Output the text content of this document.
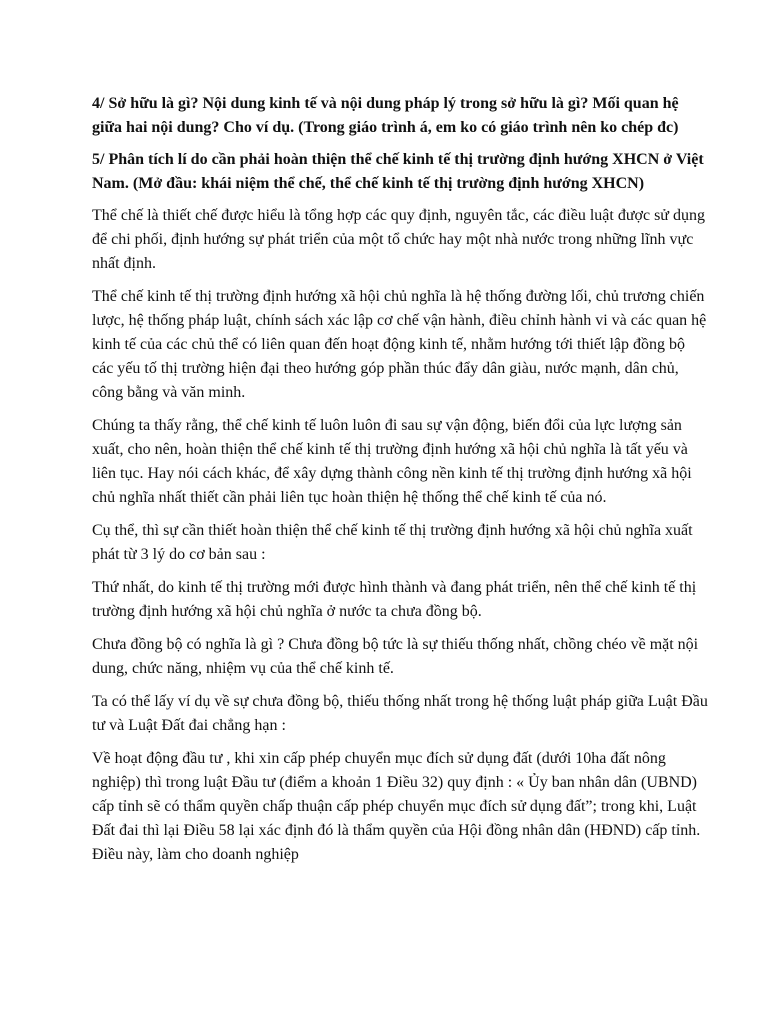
4/ Sở hữu là gì? Nội dung kinh tế và nội dung pháp lý trong sở hữu là gì? Mối quan hệ giữa hai nội dung? Cho ví dụ. (Trong giáo trình á, em ko có giáo trình nên ko chép đc)

5/ Phân tích lí do cần phải hoàn thiện thể chế kinh tế thị trường định hướng XHCN ở Việt Nam. (Mở đầu: khái niệm thể chế, thể chế kinh tế thị trường định hướng XHCN)

Thể chế là thiết chế được hiểu là tổng hợp các quy định, nguyên tắc, các điều luật được sử dụng để chi phối, định hướng sự phát triển của một tổ chức hay một nhà nước trong những lĩnh vực nhất định.

Thể chế kinh tế thị trường định hướng xã hội chủ nghĩa là hệ thống đường lối, chủ trương chiến lược, hệ thống pháp luật, chính sách xác lập cơ chế vận hành, điều chỉnh hành vi và các quan hệ kinh tế của các chủ thể có liên quan đến hoạt động kinh tế, nhằm hướng tới thiết lập đồng bộ các yếu tố thị trường hiện đại theo hướng góp phần thúc đẩy dân giàu, nước mạnh, dân chủ, công bằng và văn minh.

Chúng ta thấy rằng, thể chế kinh tế luôn luôn đi sau sự vận động, biến đổi của lực lượng sản xuất, cho nên, hoàn thiện thể chế kinh tế thị trường định hướng xã hội chủ nghĩa là tất yếu và liên tục. Hay nói cách khác, để xây dựng thành công nền kinh tế thị trường định hướng xã hội chủ nghĩa nhất thiết cần phải liên tục hoàn thiện hệ thống thể chế kinh tế của nó.

Cụ thể, thì sự cần thiết hoàn thiện thể chế kinh tế thị trường định hướng xã hội chủ nghĩa xuất phát từ 3 lý do cơ bản sau :

Thứ nhất, do kinh tế thị trường mới được hình thành và đang phát triển, nên thể chế kinh tế thị trường định hướng xã hội chủ nghĩa ở nước ta chưa đồng bộ.

Chưa đồng bộ có nghĩa là gì ? Chưa đồng bộ tức là sự thiếu thống nhất, chồng chéo về mặt nội dung, chức năng, nhiệm vụ của thể chế kinh tế.

Ta có thể lấy ví dụ về sự chưa đồng bộ, thiếu thống nhất trong hệ thống luật pháp giữa Luật Đầu tư và Luật Đất đai chẳng hạn :

Về hoạt động đầu tư , khi xin cấp phép chuyển mục đích sử dụng đất (dưới 10ha đất nông nghiệp) thì trong luật Đầu tư (điểm a khoản 1 Điều 32) quy định : « Ủy ban nhân dân (UBND) cấp tỉnh sẽ có thẩm quyền chấp thuận cấp phép chuyển mục đích sử dụng đất”; trong khi, Luật Đất đai thì lại Điều 58 lại xác định đó là thẩm quyền của Hội đồng nhân dân (HĐND) cấp tỉnh. Điều này, làm cho doanh nghiệp
